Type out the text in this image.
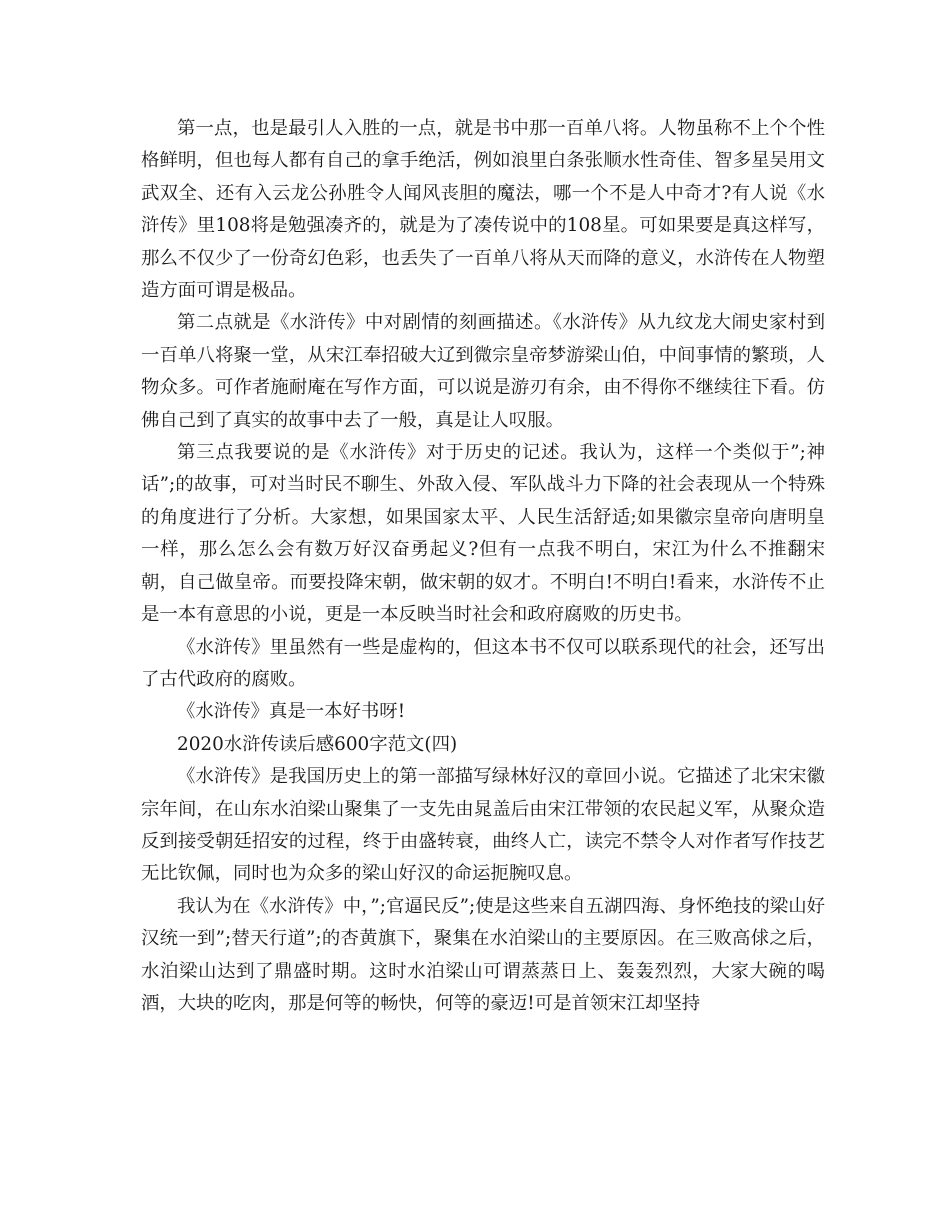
第一点，也是最引人入胜的一点，就是书中那一百单八将。人物虽称不上个个性格鲜明，但也每人都有自己的拿手绝活，例如浪里白条张顺水性奇佳、智多星吴用文武双全、还有入云龙公孙胜令人闻风丧胆的魔法，哪一个不是人中奇才?有人说《水浒传》里108将是勉强凑齐的，就是为了凑传说中的108星。可如果要是真这样写，那么不仅少了一份奇幻色彩，也丢失了一百单八将从天而降的意义，水浒传在人物塑造方面可谓是极品。

第二点就是《水浒传》中对剧情的刻画描述。《水浒传》从九纹龙大闹史家村到一百单八将聚一堂，从宋江奉招破大辽到微宗皇帝梦游梁山伯，中间事情的繁琐，人物众多。可作者施耐庵在写作方面，可以说是游刃有余，由不得你不继续往下看。仿佛自己到了真实的故事中去了一般，真是让人叹服。

第三点我要说的是《水浒传》对于历史的记述。我认为，这样一个类似于”;神话”;的故事，可对当时民不聊生、外敌入侵、军队战斗力下降的社会表现从一个特殊的角度进行了分析。大家想，如果国家太平、人民生活舒适;如果徽宗皇帝向唐明皇一样，那么怎么会有数万好汉奋勇起义?但有一点我不明白，宋江为什么不推翻宋朝，自己做皇帝。而要投降宋朝，做宋朝的奴才。不明白!不明白!看来，水浒传不止是一本有意思的小说，更是一本反映当时社会和政府腐败的历史书。

《水浒传》里虽然有一些是虚构的，但这本书不仅可以联系现代的社会，还写出了古代政府的腐败。

《水浒传》真是一本好书呀!

2020水浒传读后感600字范文(四)

《水浒传》是我国历史上的第一部描写绿林好汉的章回小说。它描述了北宋宋徽宗年间，在山东水泊梁山聚集了一支先由晁盖后由宋江带领的农民起义军，从聚众造反到接受朝廷招安的过程，终于由盛转衰，曲终人亡，读完不禁令人对作者写作技艺无比钦佩，同时也为众多的梁山好汉的命运扼腕叹息。

我认为在《水浒传》中，”;官逼民反”;使是这些来自五湖四海、身怀绝技的梁山好汉统一到”;替天行道”;的杏黄旗下，聚集在水泊梁山的主要原因。在三败高俅之后，水泊梁山达到了鼎盛时期。这时水泊梁山可谓蒸蒸日上、轰轰烈烈，大家大碗的喝酒，大块的吃肉，那是何等的畅快，何等的豪迈!可是首领宋江却坚持
